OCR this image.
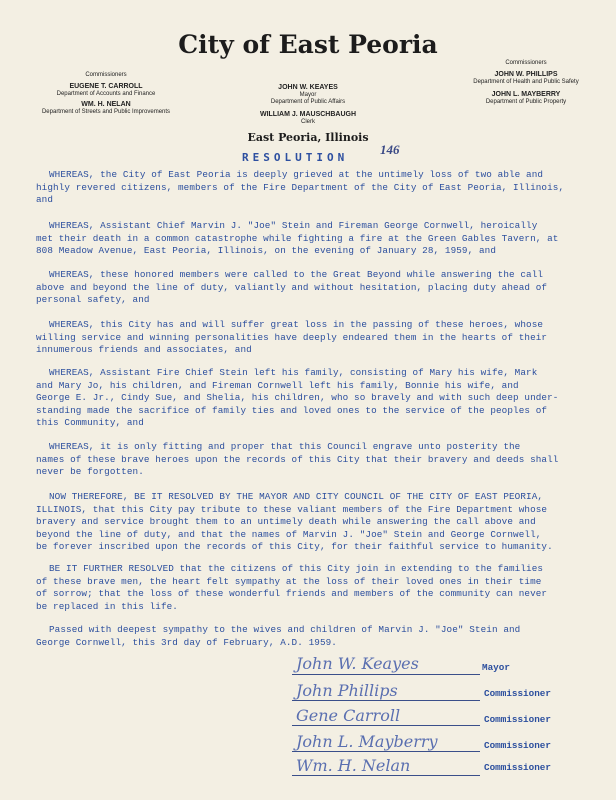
City of East Peoria
Commissioners
EUGENE T. CARROLL
Department of Accounts and Finance
WM. H. NELAN
Department of Streets and Public Improvements
JOHN W. KEAYES
Mayor
Department of Public Affairs
WILLIAM J. MAUSCHBAUGH
Clerk
Commissioners
JOHN W. PHILLIPS
Department of Health and Public Safety
JOHN L. MAYBERRY
Department of Public Property
East Peoria, Illinois
RESOLUTION
146
WHEREAS, the City of East Peoria is deeply grieved at the untimely loss of two able and
highly revered citizens, members of the Fire Department of the City of East Peoria, Illinois,
and
WHEREAS, Assistant Chief Marvin J. "Joe" Stein and Fireman George Cornwell, heroically
met their death in a common catastrophe while fighting a fire at the Green Gables Tavern, at
808 Meadow Avenue, East Peoria, Illinois, on the evening of January 28, 1959, and
WHEREAS, these honored members were called to the Great Beyond while answering the call
above and beyond the line of duty, valiantly and without hesitation, placing duty ahead of
personal safety, and
WHEREAS, this City has and will suffer great loss in the passing of these heroes, whose
willing service and winning personalities have deeply endeared them in the hearts of their
innumerous friends and associates, and
WHEREAS, Assistant Fire Chief Stein left his family, consisting of Mary his wife, Mark
and Mary Jo, his children, and Fireman Cornwell left his family, Bonnie his wife, and
George E. Jr., Cindy Sue, and Shelia, his children, who so bravely and with such deep under-
standing made the sacrifice of family ties and loved ones to the service of the peoples of
this Community, and
WHEREAS, it is only fitting and proper that this Council engrave unto posterity the
names of these brave heroes upon the records of this City that their bravery and deeds shall
never be forgotten.
NOW THEREFORE, BE IT RESOLVED BY THE MAYOR AND CITY COUNCIL OF THE CITY OF EAST PEORIA,
ILLINOIS, that this City pay tribute to these valiant members of the Fire Department whose
bravery and service brought them to an untimely death while answering the call above and
beyond the line of duty, and that the names of Marvin J. "Joe" Stein and George Cornwell,
be forever inscribed upon the records of this City, for their faithful service to humanity.
BE IT FURTHER RESOLVED that the citizens of this City join in extending to the families
of these brave men, the heart felt sympathy at the loss of their loved ones in their time
of sorrow; that the loss of these wonderful friends and members of the community can never
be replaced in this life.
Passed with deepest sympathy to the wives and children of Marvin J. "Joe" Stein and
George Cornwell, this 3rd day of February, A.D. 1959.
John W. Keayes	Mayor
John Phillips	Commissioner
Gene Carroll	Commissioner
John L. Mayberry	Commissioner
Wm. H. Nelan	Commissioner
